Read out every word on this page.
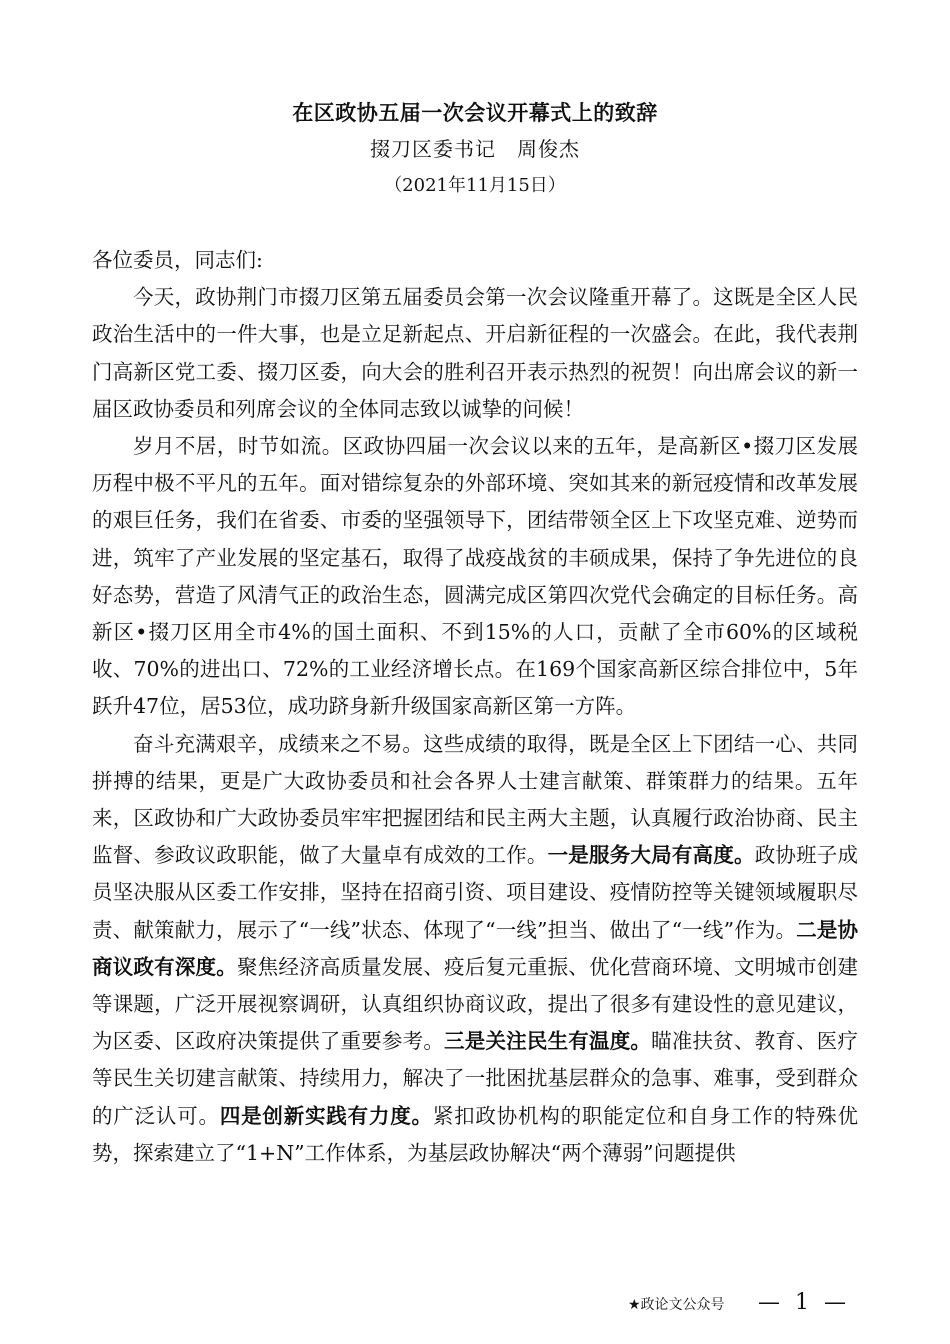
在区政协五届一次会议开幕式上的致辞
掇刀区委书记　周俊杰
（2021年11月15日）

各位委员，同志们:

今天，政协荆门市掇刀区第五届委员会第一次会议隆重开幕了。这既是全区人民政治生活中的一件大事，也是立足新起点、开启新征程的一次盛会。在此，我代表荆门高新区党工委、掇刀区委，向大会的胜利召开表示热烈的祝贺！向出席会议的新一届区政协委员和列席会议的全体同志致以诚挚的问候！

岁月不居，时节如流。区政协四届一次会议以来的五年，是高新区•掇刀区发展历程中极不平凡的五年。面对错综复杂的外部环境、突如其来的新冠疫情和改革发展的艰巨任务，我们在省委、市委的坚强领导下，团结带领全区上下攻坚克难、逆势而进，筑牢了产业发展的坚定基石，取得了战疫战贫的丰硕成果，保持了争先进位的良好态势，营造了风清气正的政治生态，圆满完成区第四次党代会确定的目标任务。高新区•掇刀区用全市4%的国土面积、不到15%的人口，贡献了全市60%的区域税收、70%的进出口、72%的工业经济增长点。在169个国家高新区综合排位中，5年跃升47位，居53位，成功跻身新升级国家高新区第一方阵。

奋斗充满艰辛，成绩来之不易。这些成绩的取得，既是全区上下团结一心、共同拼搏的结果，更是广大政协委员和社会各界人士建言献策、群策群力的结果。五年来，区政协和广大政协委员牢牢把握团结和民主两大主题，认真履行政治协商、民主监督、参政议政职能，做了大量卓有成效的工作。一是服务大局有高度。政协班子成员坚决服从区委工作安排，坚持在招商引资、项目建设、疫情防控等关键领域履职尽责、献策献力，展示了“一线”状态、体现了“一线”担当、做出了“一线”作为。二是协商议政有深度。聚焦经济高质量发展、疫后复元重振、优化营商环境、文明城市创建等课题，广泛开展视察调研，认真组织协商议政，提出了很多有建设性的意见建议，为区委、区政府决策提供了重要参考。三是关注民生有温度。瞄准扶贫、教育、医疗等民生关切建言献策、持续用力，解决了一批困扰基层群众的急事、难事，受到群众的广泛认可。四是创新实践有力度。紧扣政协机构的职能定位和自身工作的特殊优势，探索建立了“1+N”工作体系，为基层政协解决“两个薄弱”问题提供

★政论文公众号 — 1 —
